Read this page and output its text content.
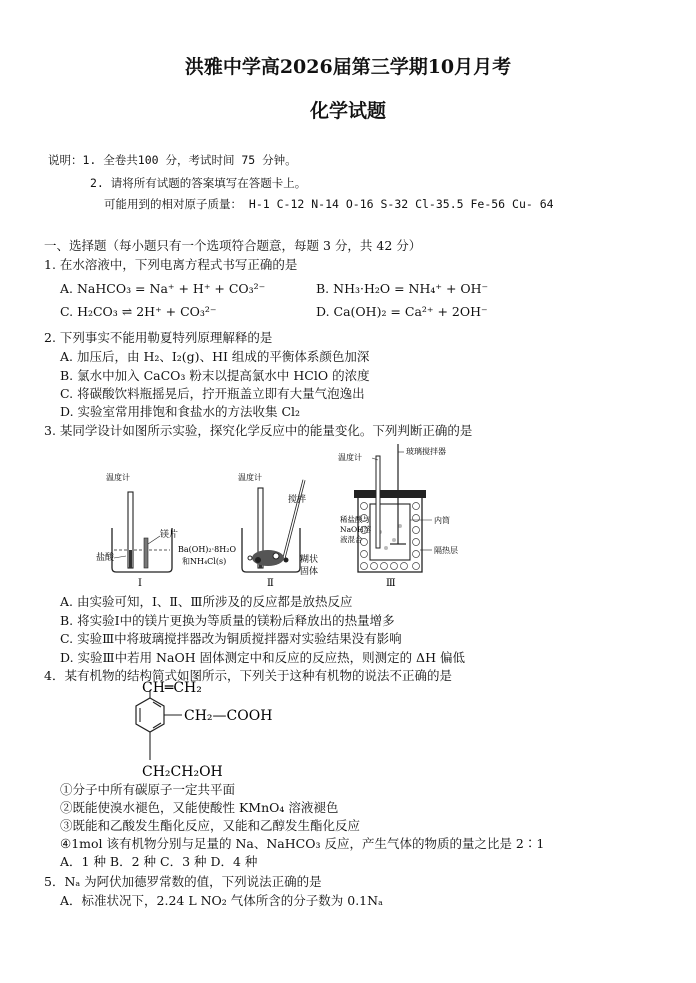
洪雅中学高2026届第三学期10月月考
化学试题
说明：1. 全卷共100 分，考试时间 75 分钟。
2. 请将所有试题的答案填写在答题卡上。
可能用到的相对原子质量： H-1 C-12 N-14 O-16 S-32 Cl-35.5 Fe-56 Cu- 64
一、选择题（每小题只有一个选项符合题意，每题 3 分，共 42 分）
1. 在水溶液中，下列电离方程式书写正确的是
A. NaHCO₃ = Na⁺ + H⁺ + CO₃²⁻	B. NH₃·H₂O = NH₄⁺ + OH⁻
C. H₂CO₃ ⇌ 2H⁺ + CO₃²⁻	D. Ca(OH)₂ = Ca²⁺ + 2OH⁻
2. 下列事实不能用勒夏特列原理解释的是
A. 加压后，由 H₂、I₂(g)、HI 组成的平衡体系颜色加深
B. 氯水中加入 CaCO₃ 粉末以提高氯水中 HClO 的浓度
C. 将碳酸饮料瓶摇晃后，拧开瓶盖立即有大量气泡逸出
D. 实验室常用排饱和食盐水的方法收集 Cl₂
3. 某同学设计如图所示实验，探究化学反应中的能量变化。下列判断正确的是
温度计
镁片
盐酸
Ⅰ
温度计
搅拌
Ba(OH)₂·8H₂O
和NH₄Cl(s)	糊状
固体
Ⅱ
温度计
玻璃搅拌器
稀盐酸与
NaOH溶
液混合
内筒
隔热层
Ⅲ
A. 由实验可知，Ⅰ、Ⅱ、Ⅲ所涉及的反应都是放热反应
B. 将实验Ⅰ中的镁片更换为等质量的镁粉后释放出的热量增多
C. 实验Ⅲ中将玻璃搅拌器改为铜质搅拌器对实验结果没有影响
D. 实验Ⅲ中若用 NaOH 固体测定中和反应的反应热，则测定的 ΔH 偏低
4．某有机物的结构简式如图所示，下列关于这种有机物的说法不正确的是
CH═CH₂
CH₂—COOH
CH₂CH₂OH
①分子中所有碳原子一定共平面
②既能使溴水褪色，又能使酸性 KMnO₄ 溶液褪色
③既能和乙酸发生酯化反应，又能和乙醇发生酯化反应
④1mol 该有机物分别与足量的 Na、NaHCO₃ 反应，产生气体的物质的量之比是 2∶1
A．1 种 B．2 种 C．3 种 D．4 种
5．Nₐ 为阿伏加德罗常数的值，下列说法正确的是
A．标准状况下，2.24 L NO₂ 气体所含的分子数为 0.1Nₐ
